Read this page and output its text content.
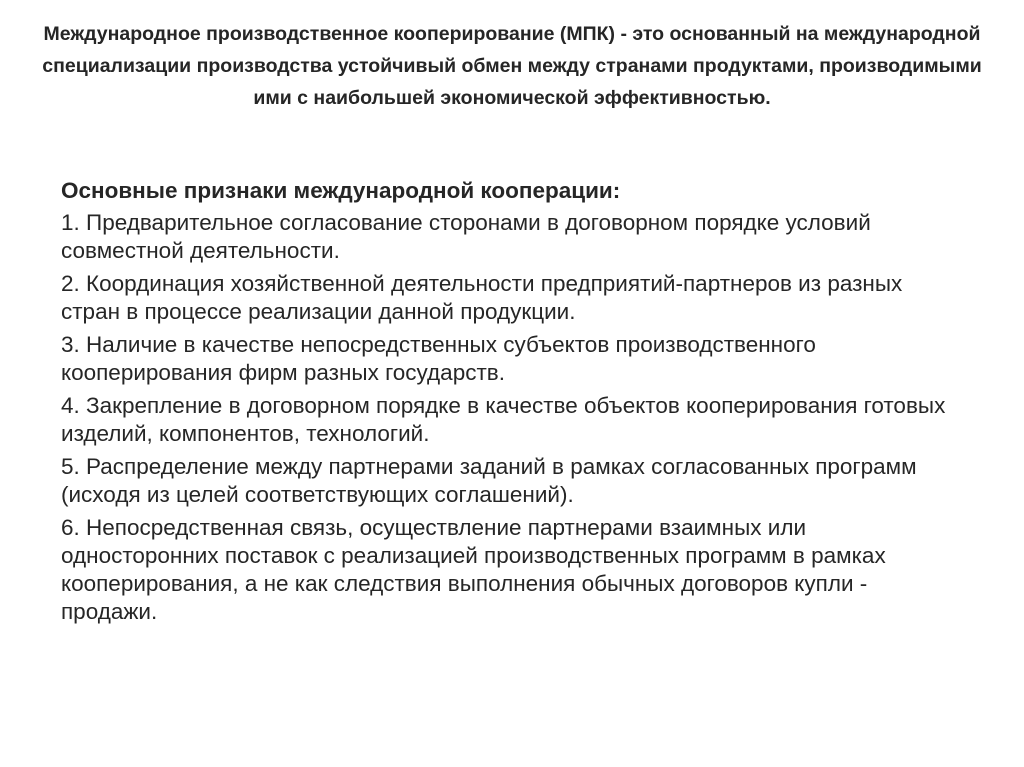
Международное производственное кооперирование (МПК) - это основанный на международной специализации производства устойчивый обмен между странами продуктами, производимыми ими с наибольшей экономической эффективностью.

Основные признаки международной кооперации:

1. Предварительное согласование сторонами в договорном порядке условий совместной деятельности.
2. Координация хозяйственной деятельности предприятий-партнеров из разных стран в процессе реализации данной продукции.
3. Наличие в качестве непосредственных субъектов производственного кооперирования фирм разных государств.
4. Закрепление в договорном порядке в качестве объектов кооперирования готовых изделий, компонентов, технологий.
5. Распределение между партнерами заданий в рамках согласованных программ (исходя из целей соответствующих соглашений).
6. Непосредственная связь, осуществление партнерами взаимных или односторонних поставок с реализацией производственных программ в рамках кооперирования, а не как следствия выполнения обычных договоров купли - продажи.
